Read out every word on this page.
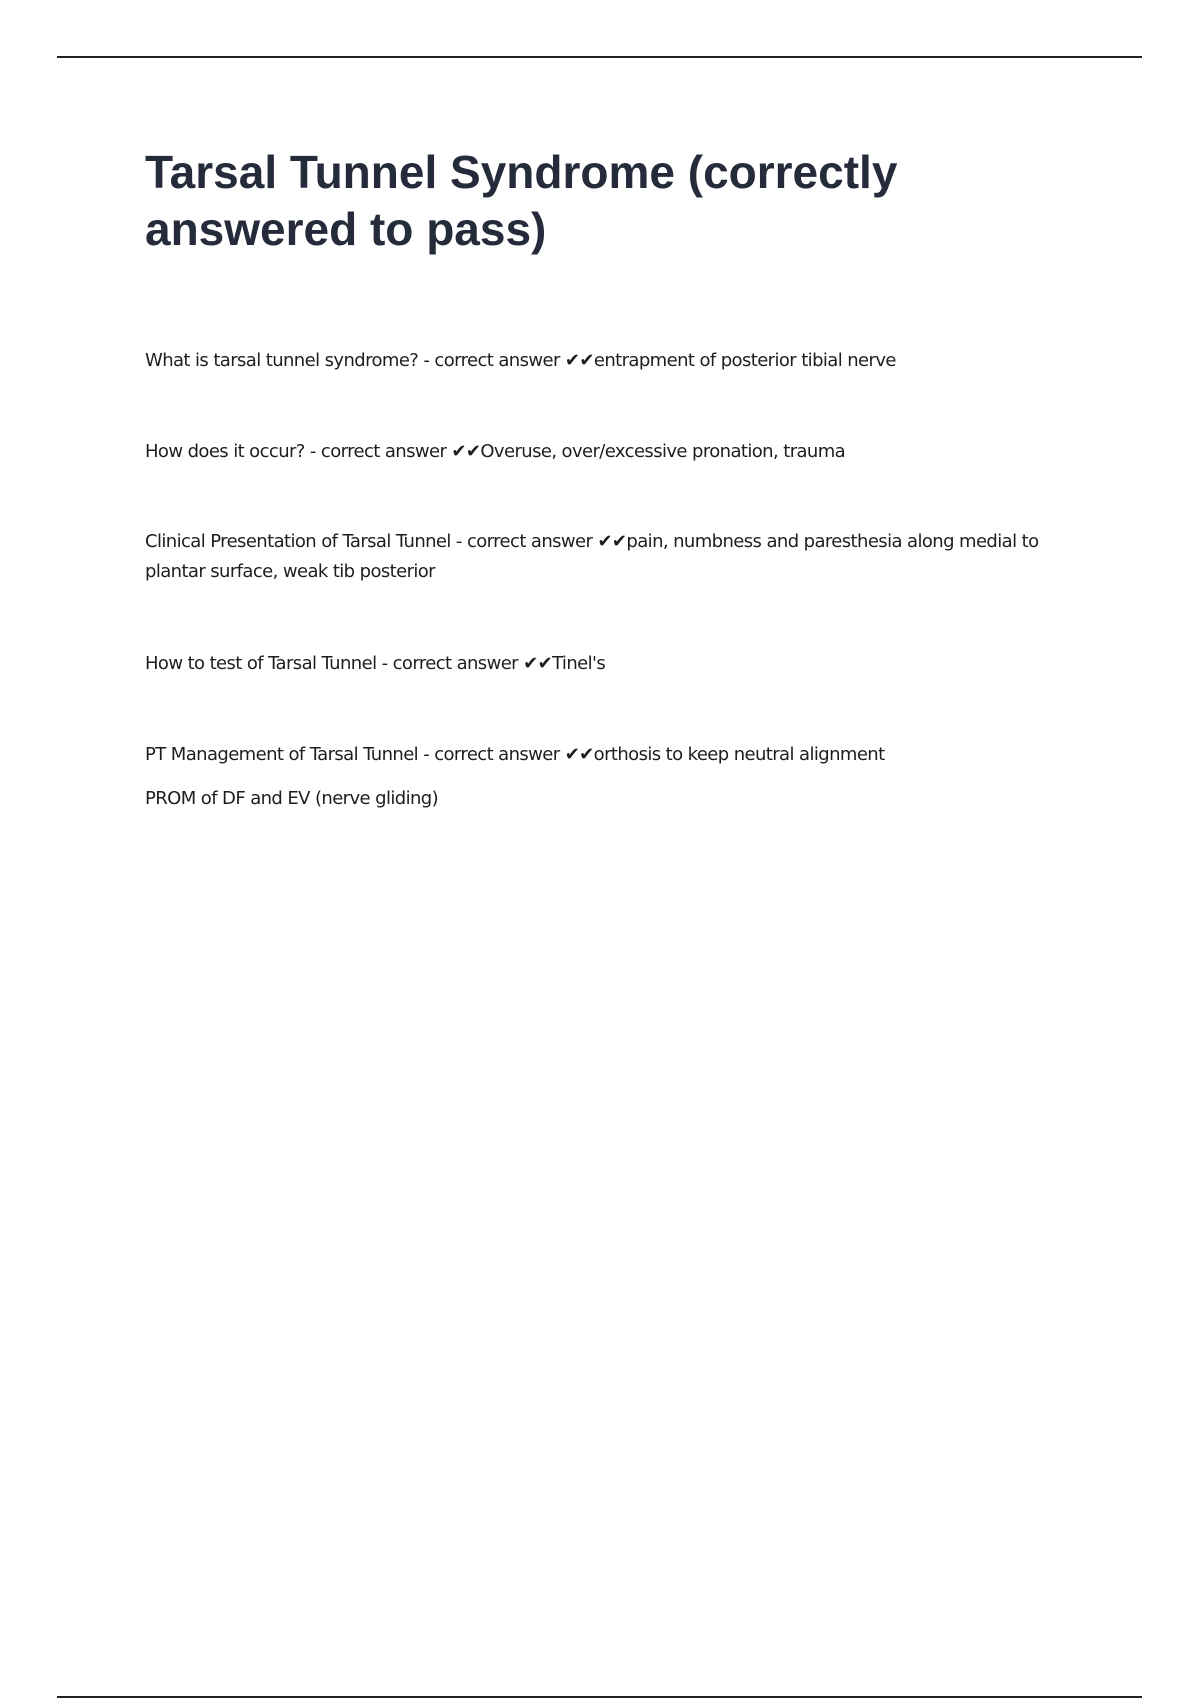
Tarsal Tunnel Syndrome (correctly answered to pass)

What is tarsal tunnel syndrome? - correct answer ✔✔entrapment of posterior tibial nerve

How does it occur? - correct answer ✔✔Overuse, over/excessive pronation, trauma

Clinical Presentation of Tarsal Tunnel - correct answer ✔✔pain, numbness and paresthesia along medial to plantar surface, weak tib posterior

How to test of Tarsal Tunnel - correct answer ✔✔Tinel's

PT Management of Tarsal Tunnel - correct answer ✔✔orthosis to keep neutral alignment

PROM of DF and EV (nerve gliding)
